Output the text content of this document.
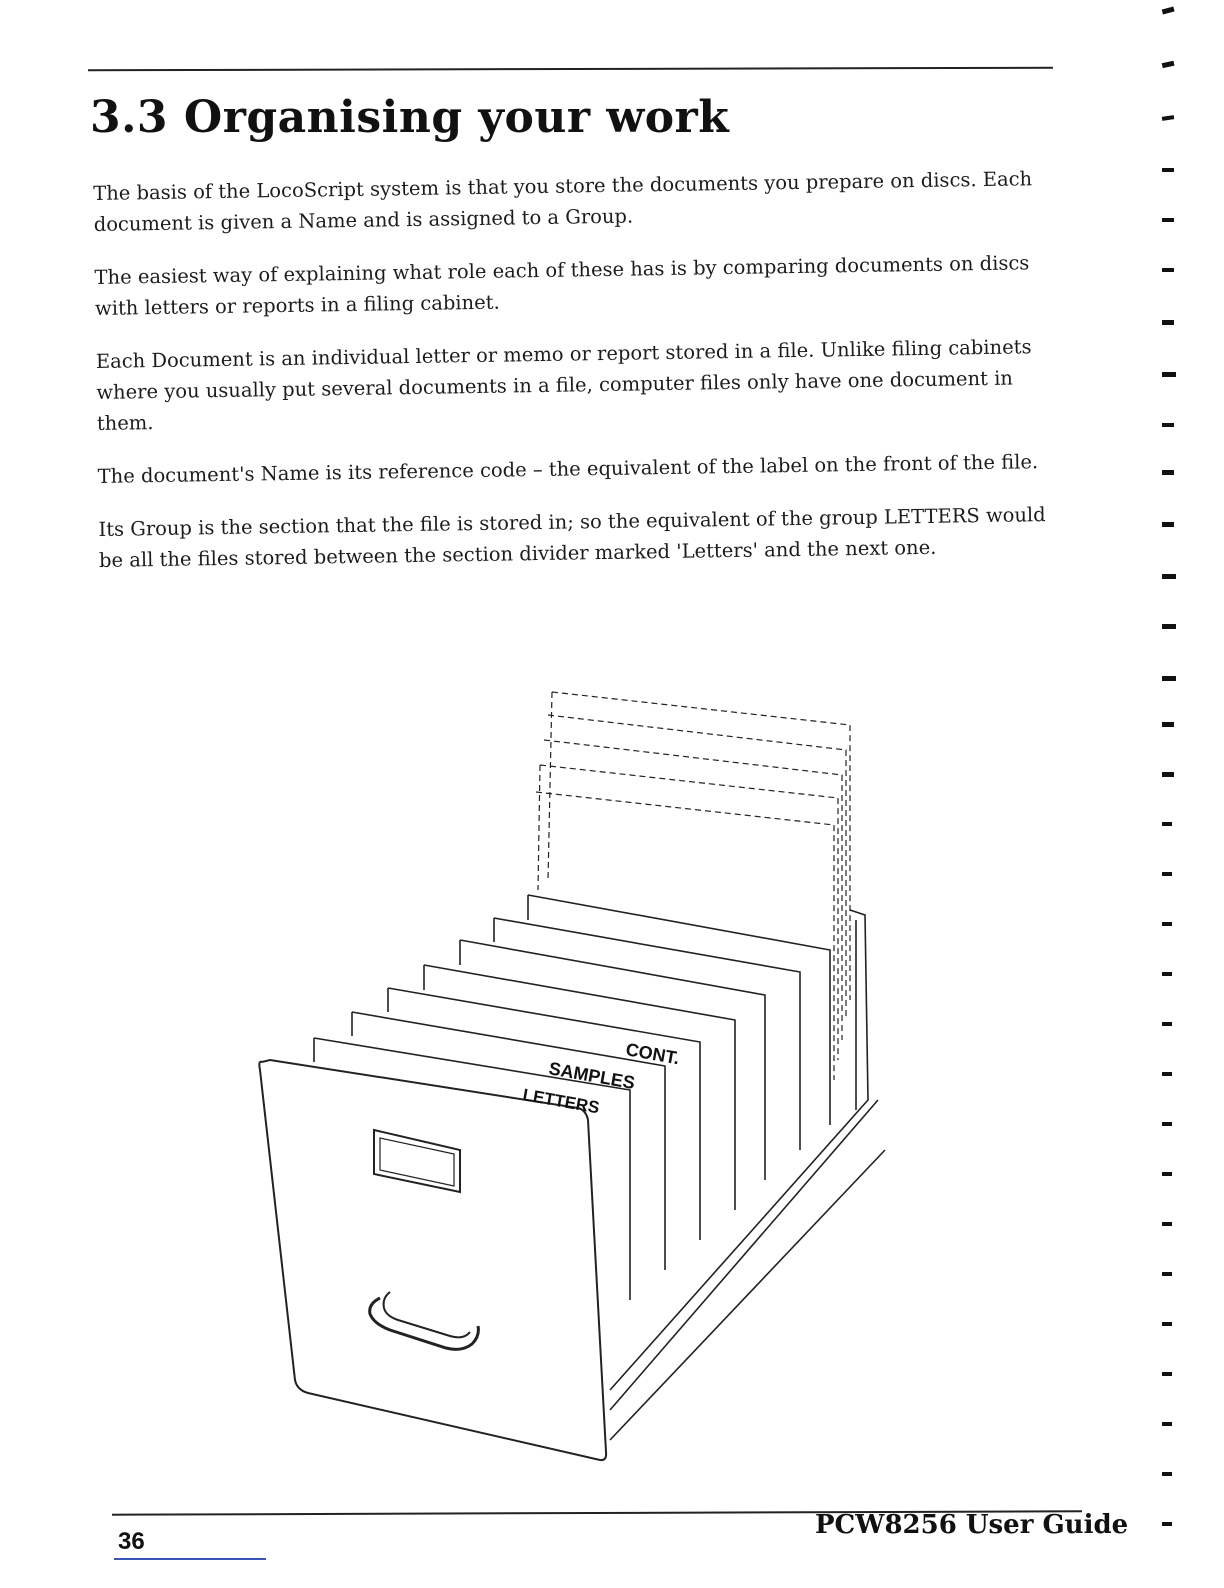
3.3 Organising your work

The basis of the LocoScript system is that you store the documents you prepare on discs. Each document is given a Name and is assigned to a Group.

The easiest way of explaining what role each of these has is by comparing documents on discs with letters or reports in a filing cabinet.

Each Document is an individual letter or memo or report stored in a file. Unlike filing cabinets where you usually put several documents in a file, computer files only have one document in them.

The document's Name is its reference code – the equivalent of the label on the front of the file.

Its Group is the section that the file is stored in; so the equivalent of the group LETTERS would be all the files stored between the section divider marked 'Letters' and the next one.

CONT.
SAMPLES
LETTERS
36
PCW8256 User Guide
